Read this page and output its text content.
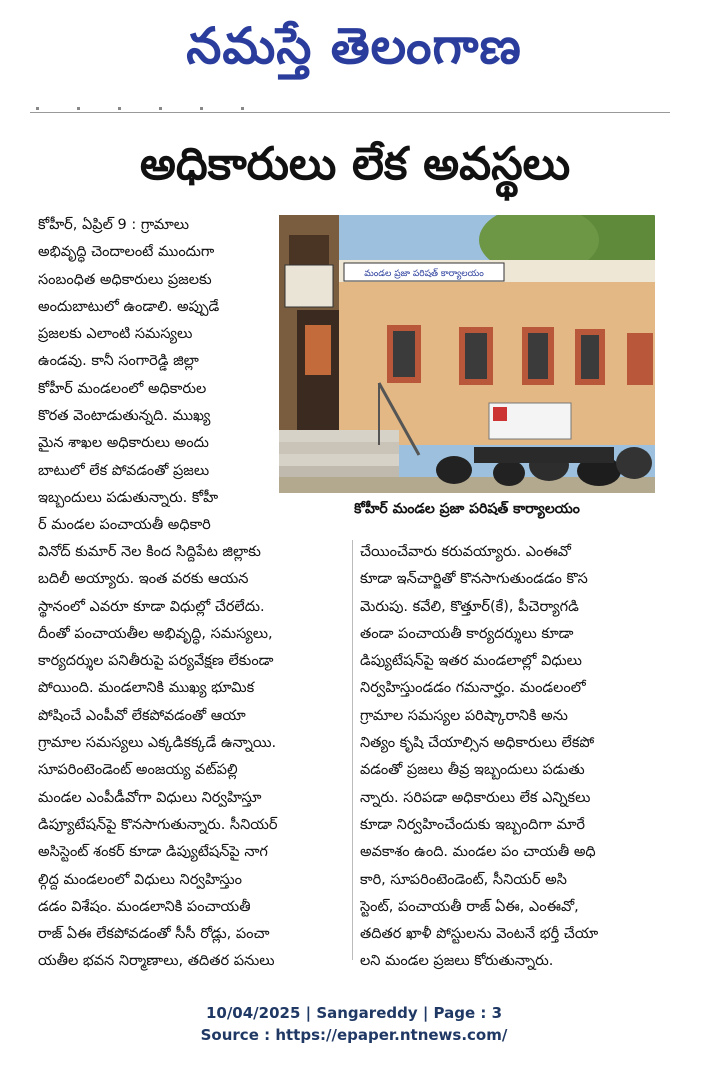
నమస్తే తెలంగాణ
అధికారులు లేక అవస్థలు
కోహీర్, ఏప్రిల్ 9 : గ్రామాలు
అభివృద్ధి చెందాలంటే ముందుగా
సంబంధిత అధికారులు ప్రజలకు
అందుబాటులో ఉండాలి. అప్పుడే
ప్రజలకు ఎలాంటి సమస్యలు
ఉండవు. కానీ సంగారెడ్డి జిల్లా
కోహీర్ మండలంలో అధికారుల
కొరత వెంటాడుతున్నది. ముఖ్య
మైన శాఖల అధికారులు అందు
బాటులో లేక పోవడంతో ప్రజలు
ఇబ్బందులు పడుతున్నారు. కోహీ
ర్ మండల పంచాయతీ అధికారి
మండల ప్రజా పరిషత్ కార్యాలయం
కోహీర్ మండల ప్రజా పరిషత్ కార్యాలయం
వినోద్ కుమార్ నెల కింద సిద్దిపేట జిల్లాకు
బదిలీ అయ్యారు. ఇంత వరకు ఆయన
స్థానంలో ఎవరూ కూడా విధుల్లో చేరలేదు.
దీంతో పంచాయతీల అభివృద్ధి, సమస్యలు,
కార్యదర్శుల పనితీరుపై పర్యవేక్షణ లేకుండా
పోయింది. మండలానికి ముఖ్య భూమిక
పోషించే ఎంపీవో లేకపోవడంతో ఆయా
గ్రామాల సమస్యలు ఎక్కడికక్కడే ఉన్నాయి.
సూపరింటెండెంట్ అంజయ్య వట్‌పల్లి
మండల ఎంపీడీవోగా విధులు నిర్వహిస్తూ
డిప్యూటేషన్‌పై కొనసాగుతున్నారు. సీనియర్
అసిస్టెంట్ శంకర్ కూడా డిప్యుటేషన్‌పై నాగ
ల్గిద్ద మండలంలో విధులు నిర్వహిస్తుం
డడం విశేషం. మండలానికి పంచాయతీ
రాజ్ ఏఈ లేకపోవడంతో సీసీ రోడ్లు, పంచా
యతీల భవన నిర్మాణాలు, తదితర పనులు
చేయించేవారు కరువయ్యారు. ఎంఈవో
కూడా ఇన్‌చార్జితో కొనసాగుతుండడం కొస
మెరుపు. కవేలి, కొత్తూర్(కే), పీచెర్యాగడి
తండా పంచాయతీ కార్యదర్శులు కూడా
డిప్యుటేషన్‌పై ఇతర మండలాల్లో విధులు
నిర్వహిస్తుండడం గమనార్హం. మండలంలో
గ్రామాల సమస్యల పరిష్కారానికి అను
నిత్యం కృషి చేయాల్సిన అధికారులు లేకపో
వడంతో ప్రజలు తీవ్ర ఇబ్బందులు పడుతు
న్నారు. సరిపడా అధికారులు లేక ఎన్నికలు
కూడా నిర్వహించేందుకు ఇబ్బందిగా మారే
అవకాశం ఉంది. మండల పం చాయతీ అధి
కారి, సూపరింటెండెంట్, సీనియర్ అసి
స్టెంట్, పంచాయతీ రాజ్ ఏఈ, ఎంఈవో,
తదితర ఖాళీ పోస్టులను వెంటనే భర్తీ చేయా
లని మండల ప్రజలు కోరుతున్నారు.
10/04/2025 | Sangareddy | Page : 3
Source : https://epaper.ntnews.com/
